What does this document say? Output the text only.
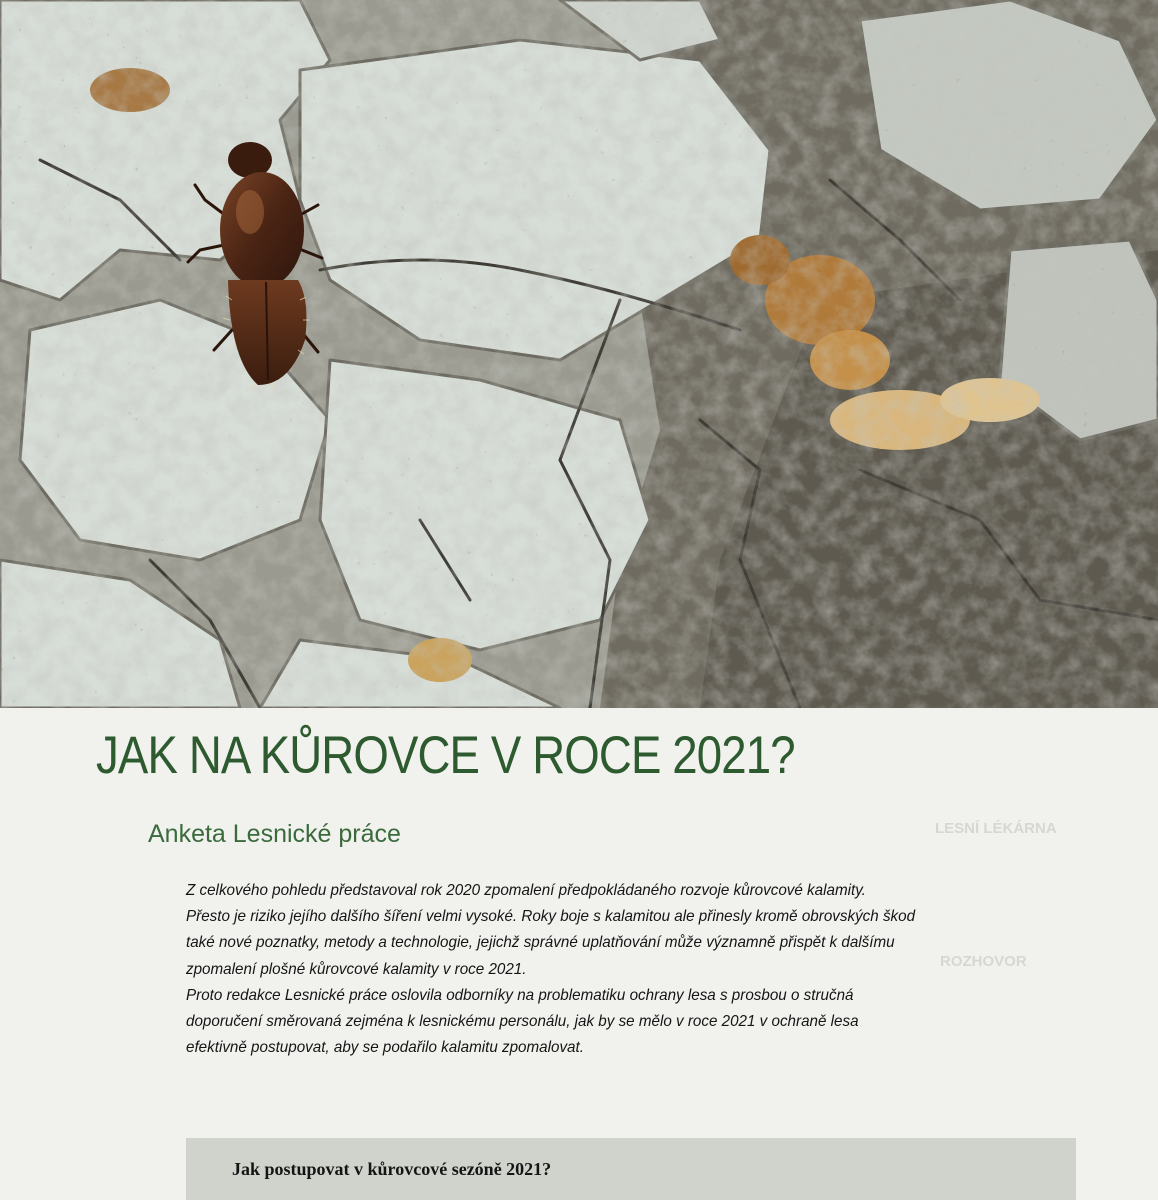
LESNÍ LÉKÁRNA
ROZHOVOR
JAK NA KŮROVCE V ROCE 2021?
Anketa Lesnické práce

Z celkového pohledu představoval rok 2020 zpomalení předpokládaného rozvoje kůrovcové kalamity.

Přesto je riziko jejího dalšího šíření velmi vysoké. Roky boje s kalamitou ale přinesly kromě obrovských škod

také nové poznatky, metody a technologie, jejichž správné uplatňování může významně přispět k dalšímu

zpomalení plošné kůrovcové kalamity v roce 2021.

Proto redakce Lesnické práce oslovila odborníky na problematiku ochrany lesa s prosbou o stručná

doporučení směrovaná zejména k lesnickému personálu, jak by se mělo v roce 2021 v ochraně lesa

efektivně postupovat, aby se podařilo kalamitu zpomalovat.

Jak postupovat v kůrovcové sezóně 2021?
